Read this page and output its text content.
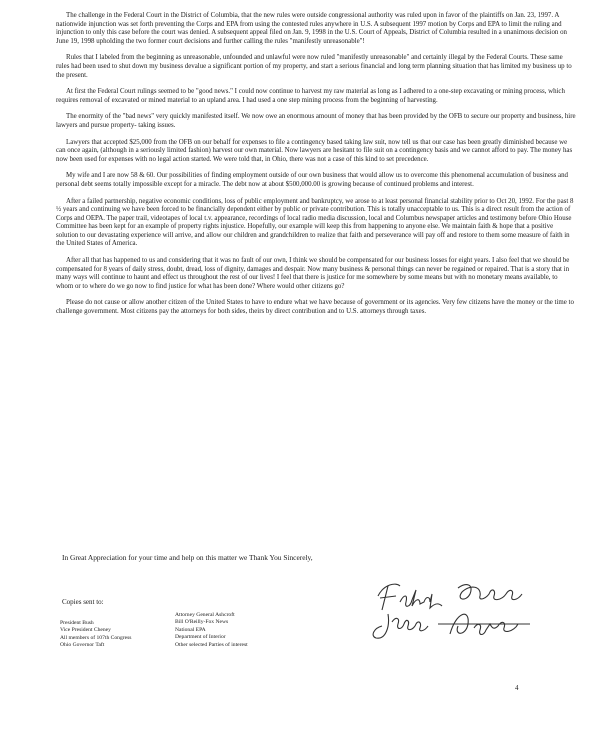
The challenge in the Federal Court in the District of Columbia, that the new rules were outside congressional authority was ruled upon in favor of the plaintiffs on Jan. 23, 1997. A nationwide injunction was set forth preventing the Corps and EPA from using the contested rules anywhere in U.S. A subsequent 1997 motion by Corps and EPA to limit the ruling and injunction to only this case before the court was denied. A subsequent appeal filed on Jan. 9, 1998 in the U.S. Court of Appeals, District of Columbia resulted in a unanimous decision on June 19, 1998 upholding the two former court decisions and further calling the rules "manifestly unreasonable"!

Rules that I labeled from the beginning as unreasonable, unfounded and unlawful were now ruled "manifestly unreasonable" and certainly illegal by the Federal Courts. These same rules had been used to shut down my business devalue a significant portion of my property, and start a serious financial and long term planning situation that has limited my business up to the present.

At first the Federal Court rulings seemed to be "good news." I could now continue to harvest my raw material as long as I adhered to a one-step excavating or mining process, which requires removal of excavated or mined material to an upland area. I had used a one step mining process from the beginning of harvesting.

The enormity of the "bad news" very quickly manifested itself. We now owe an enormous amount of money that has been provided by the OFB to secure our property and business, hire lawyers and pursue property- taking issues.

Lawyers that accepted $25,000 from the OFB on our behalf for expenses to file a contingency based taking law suit, now tell us that our case has been greatly diminished because we can once again, (although in a seriously limited fashion) harvest our own material. Now lawyers are hesitant to file suit on a contingency basis and we cannot afford to pay. The money has now been used for expenses with no legal action started. We were told that, in Ohio, there was not a case of this kind to set precedence.

My wife and I are now 58 & 60. Our possibilities of finding employment outside of our own business that would allow us to overcome this phenomenal accumulation of business and personal debt seems totally impossible except for a miracle. The debt now at about $500,000.00 is growing because of continued problems and interest.

After a failed partnership, negative economic conditions, loss of public employment and bankruptcy, we arose to at least personal financial stability prior to Oct 20, 1992. For the past 8 ½ years and continuing we have been forced to be financially dependent either by public or private contribution. This is totally unacceptable to us. This is a direct result from the action of Corps and OEPA. The paper trail, videotapes of local t.v. appearance, recordings of local radio media discussion, local and Columbus newspaper articles and testimony before Ohio House Committee has been kept for an example of property rights injustice. Hopefully, our example will keep this from happening to anyone else. We maintain faith & hope that a positive solution to our devastating experience will arrive, and allow our children and grandchildren to realize that faith and perseverance will pay off and restore to them some measure of faith in the United States of America.

After all that has happened to us and considering that it was no fault of our own, I think we should be compensated for our business losses for eight years. I also feel that we should be compensated for 8 years of daily stress, doubt, dread, loss of dignity, damages and despair. Now many business & personal things can never be regained or repaired. That is a story that in many ways will continue to haunt and effect us throughout the rest of our lives! I feel that there is justice for me somewhere by some means but with no monetary means available, to whom or to where do we go now to find justice for what has been done? Where would other citizens go?

Please do not cause or allow another citizen of the United States to have to endure what we have because of government or its agencies. Very few citizens have the money or the time to challenge government. Most citizens pay the attorneys for both sides, theirs by direct contribution and to U.S. attorneys through taxes.

In Great Appreciation for your time and help on this matter we Thank You Sincerely,
Copies sent to:
President Bush
Vice President Cheney
All members of 107th Congress
Ohio Governor Taft
Attorney General Ashcroft
Bill O'Reilly-Fox News
National EPA
Department of Interior
Other selected Parties of interest
4
